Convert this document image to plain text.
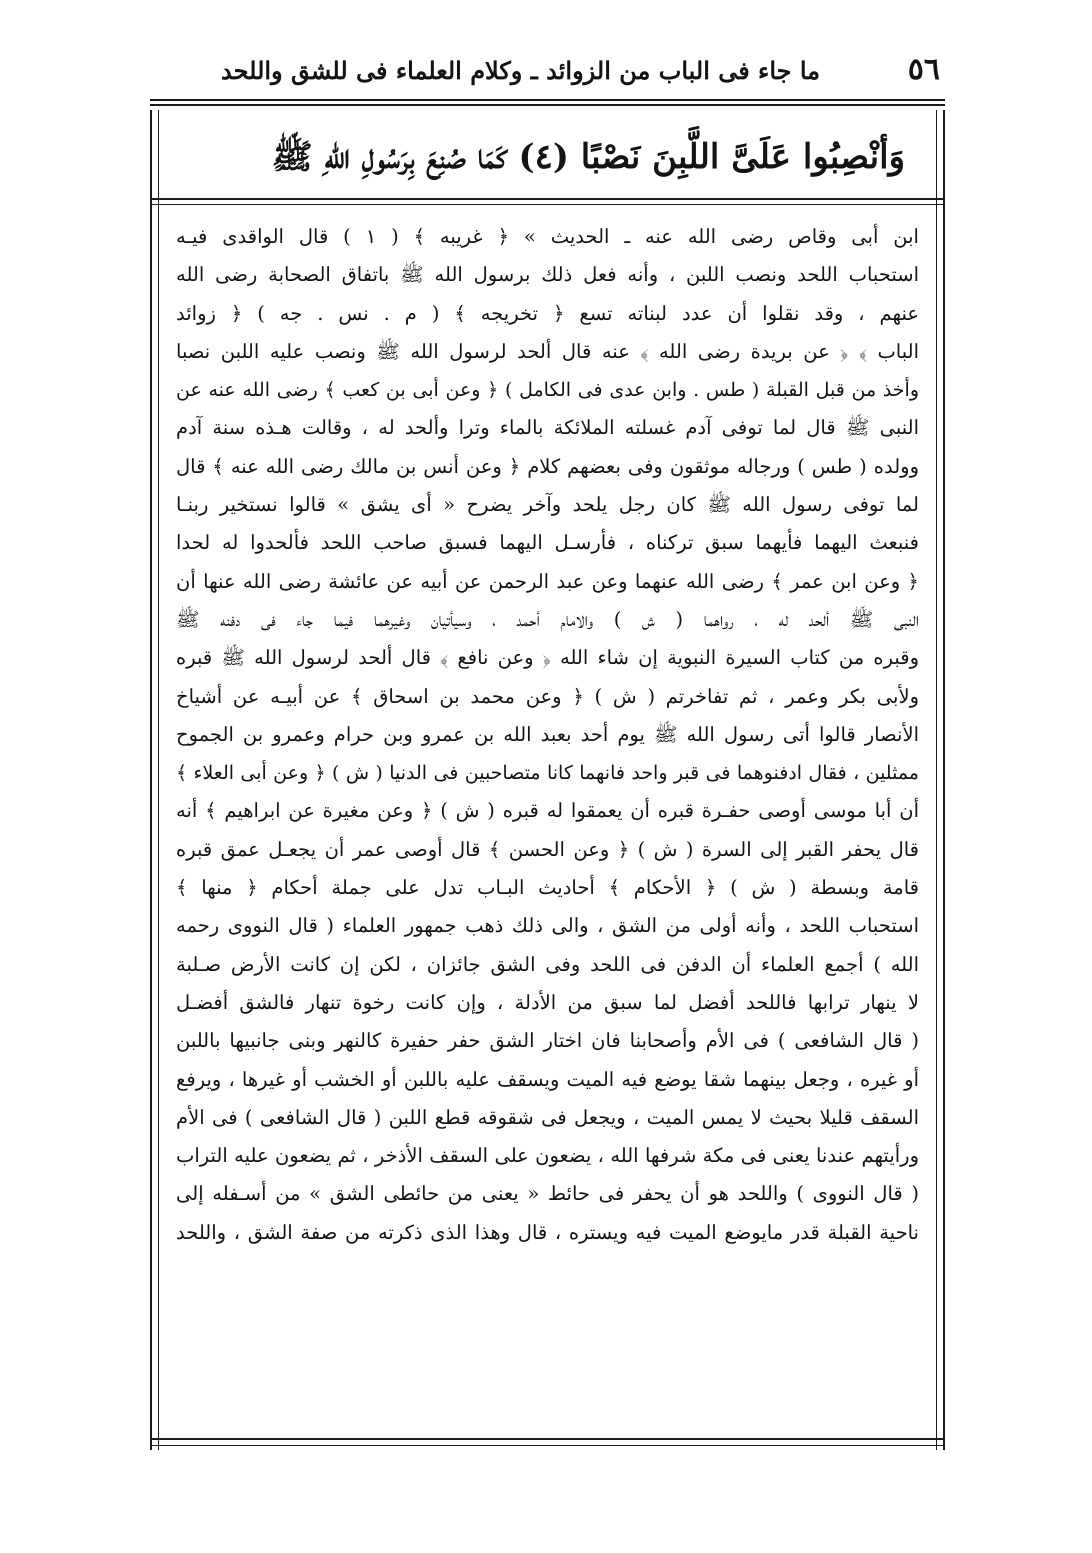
٥٦
ما جاء فى الباب من الزوائد ـ وكلام العلماء فى للشق واللحد
وَأنْصِبُوا عَلَىَّ اللَّبِنَ نَصْبًا (٤) كَمَا صُنِعَ بِرَسُولِ اللهِ ﷺ
ابن أبى وقاص رضى الله عنه ـ الحديث » ﴿ غريبه ﴾ ( ١ ) قال الواقدى فيـه
استحباب اللحد ونصب اللبن ، وأنه فعل ذلك برسول الله ﷺ باتفاق الصحابة رضى الله
عنهم ، وقد نقلوا أن عدد لبناته تسع ﴿ تخريجه ﴾ ( م . نس . جه ) ﴿ زوائد
الباب ﴾ ﴿ عن بريدة رضى الله ﴾ عنه قال ألحد لرسول الله ﷺ ونصب عليه اللبن نصبا
وأخذ من قبل القبلة ( طس . وابن عدى فى الكامل ) ﴿ وعن أبى بن كعب ﴾ رضى الله عنه عن
النبى ﷺ قال لما توفى آدم غسلته الملائكة بالماء وترا وألحد له ، وقالت هـذه سنة آدم
وولده ( طس ) ورجاله موثقون وفى بعضهم كلام ﴿ وعن أنس بن مالك رضى الله عنه ﴾ قال
لما توفى رسول الله ﷺ كان رجل يلحد وآخر يضرح « أى يشق » قالوا نستخير ربنـا
فنبعث اليهما فأيهما سبق تركناه ، فأرسـل اليهما فسبق صاحب اللحد فألحدوا له لحدا
﴿ وعن ابن عمر ﴾ رضى الله عنهما وعن عبد الرحمن عن أبيه عن عائشة رضى الله عنها أن
النبى ﷺ ألحد له ، رواهما ( ش ) والامام أحمد ، وسيأتيان وغيرهما فيما جاء فى دفنه ﷺ
وقبره من كتاب السيرة النبوية إن شاء الله ﴿ وعن نافع ﴾ قال ألحد لرسول الله ﷺ قبره
ولأبى بكر وعمر ، ثم تفاخرتم ( ش ) ﴿ وعن محمد بن اسحاق ﴾ عن أبيـه عن أشياخ
الأنصار قالوا أتى رسول الله ﷺ يوم أحد بعبد الله بن عمرو وبن حرام وعمرو بن الجموح
ممثلين ، فقال ادفنوهما فى قبر واحد فانهما كانا متصاحبين فى الدنيا ( ش ) ﴿ وعن أبى العلاء ﴾
أن أبا موسى أوصى حفـرة قبره أن يعمقوا له قبره ( ش ) ﴿ وعن مغيرة عن ابراهيم ﴾ أنه
قال يحفر القبر إلى السرة ( ش ) ﴿ وعن الحسن ﴾ قال أوصى عمر أن يجعـل عمق قبره
قامة وبسطة ( ش ) ﴿ الأحكام ﴾ أحاديث البـاب تدل على جملة أحكام ﴿ منها ﴾
استحباب اللحد ، وأنه أولى من الشق ، والى ذلك ذهب جمهور العلماء ( قال النووى رحمه
الله ) أجمع العلماء أن الدفن فى اللحد وفى الشق جائزان ، لكن إن كانت الأرض صـلبة
لا ينهار ترابها فاللحد أفضل لما سبق من الأدلة ، وإن كانت رخوة تنهار فالشق أفضـل
( قال الشافعى ) فى الأم وأصحابنا فان اختار الشق حفر حفيرة كالنهر وبنى جانبيها باللبن
أو غيره ، وجعل بينهما شقا يوضع فيه الميت ويسقف عليه باللبن أو الخشب أو غيرها ، ويرفع
السقف قليلا بحيث لا يمس الميت ، ويجعل فى شقوقه قطع اللبن ( قال الشافعى ) فى الأم
ورأيتهم عندنا يعنى فى مكة شرفها الله ، يضعون على السقف الأذخر ، ثم يضعون عليه التراب
( قال النووى ) واللحد هو أن يحفر فى حائط « يعنى من حائطى الشق » من أسـفله إلى
ناحية القبلة قدر مايوضع الميت فيه ويستره ، قال وهذا الذى ذكرته من صفة الشق ، واللحد
